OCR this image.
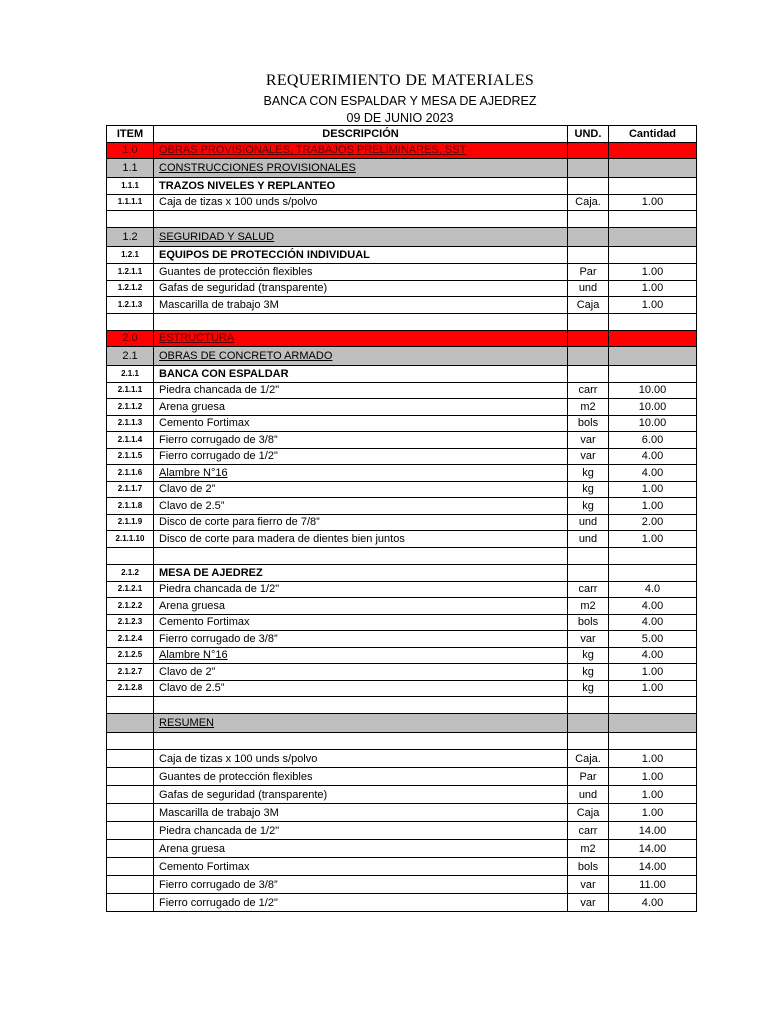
REQUERIMIENTO DE MATERIALES
BANCA CON ESPALDAR Y MESA DE AJEDREZ
09 DE JUNIO 2023
ITEM	DESCRIPCIÓN	UND.	Cantidad
1.0	OBRAS PROVISIONALES, TRABAJOS PRELIMINARES, SST		
1.1	CONSTRUCCIONES PROVISIONALES		
1.1.1	TRAZOS NIVELES Y REPLANTEO		
1.1.1.1	Caja de tizas x 100 unds s/polvo	Caja.	1.00

1.2	SEGURIDAD Y SALUD		
1.2.1	EQUIPOS DE PROTECCIÓN INDIVIDUAL		
1.2.1.1	Guantes de protección flexibles	Par	1.00
1.2.1.2	Gafas de seguridad (transparente)	und	1.00
1.2.1.3	Mascarilla de trabajo 3M	Caja	1.00

2.0	ESTRUCTURA		
2.1	OBRAS DE CONCRETO ARMADO		
2.1.1	BANCA CON ESPALDAR		
2.1.1.1	Piedra chancada de 1/2"	carr	10.00
2.1.1.2	Arena gruesa	m2	10.00
2.1.1.3	Cemento Fortimax	bols	10.00
2.1.1.4	Fierro corrugado de 3/8”	var	6.00
2.1.1.5	Fierro corrugado de 1/2"	var	4.00
2.1.1.6	Alambre N°16	kg	4.00
2.1.1.7	Clavo de 2”	kg	1.00
2.1.1.8	Clavo de 2.5”	kg	1.00
2.1.1.9	Disco de corte para fierro de 7/8”	und	2.00
2.1.1.10	Disco de corte para madera de dientes bien juntos	und	1.00

2.1.2	MESA DE AJEDREZ		
2.1.2.1	Piedra chancada de 1/2"	carr	4.0
2.1.2.2	Arena gruesa	m2	4.00
2.1.2.3	Cemento Fortimax	bols	4.00
2.1.2.4	Fierro corrugado de 3/8”	var	5.00
2.1.2.5	Alambre N°16	kg	4.00
2.1.2.7	Clavo de 2”	kg	1.00
2.1.2.8	Clavo de 2.5”	kg	1.00

	RESUMEN		

	Caja de tizas x 100 unds s/polvo	Caja.	1.00
	Guantes de protección flexibles	Par	1.00
	Gafas de seguridad (transparente)	und	1.00
	Mascarilla de trabajo 3M	Caja	1.00
	Piedra chancada de 1/2"	carr	14.00
	Arena gruesa	m2	14.00
	Cemento Fortimax	bols	14.00
	Fierro corrugado de 3/8”	var	11.00
	Fierro corrugado de 1/2"	var	4.00
